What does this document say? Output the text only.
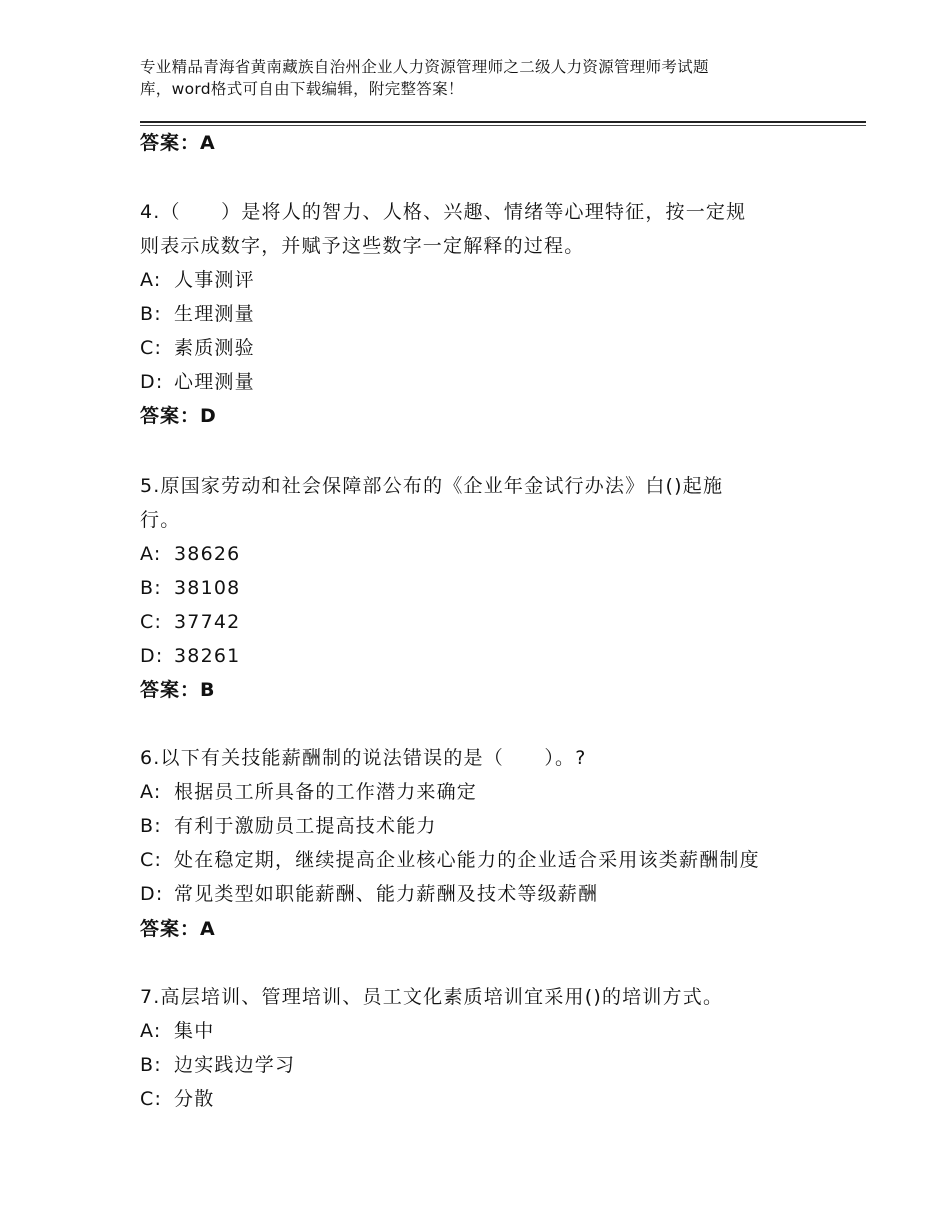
专业精品青海省黄南藏族自治州企业人力资源管理师之二级人力资源管理师考试题
库，word格式可自由下载编辑，附完整答案！
答案：A
4.（　　）是将人的智力、人格、兴趣、情绪等心理特征，按一定规
则表示成数字，并赋予这些数字一定解释的过程。
A: 人事测评
B: 生理测量
C: 素质测验
D: 心理测量
答案：D
5.原国家劳动和社会保障部公布的《企业年金试行办法》白()起施
行。
A: 38626
B: 38108
C: 37742
D: 38261
答案：B
6.以下有关技能薪酬制的说法错误的是（　　）。?
A: 根据员工所具备的工作潜力来确定
B: 有利于激励员工提高技术能力
C: 处在稳定期，继续提高企业核心能力的企业适合采用该类薪酬制度
D: 常见类型如职能薪酬、能力薪酬及技术等级薪酬
答案：A
7.高层培训、管理培训、员工文化素质培训宜采用()的培训方式。
A: 集中
B: 边实践边学习
C: 分散
